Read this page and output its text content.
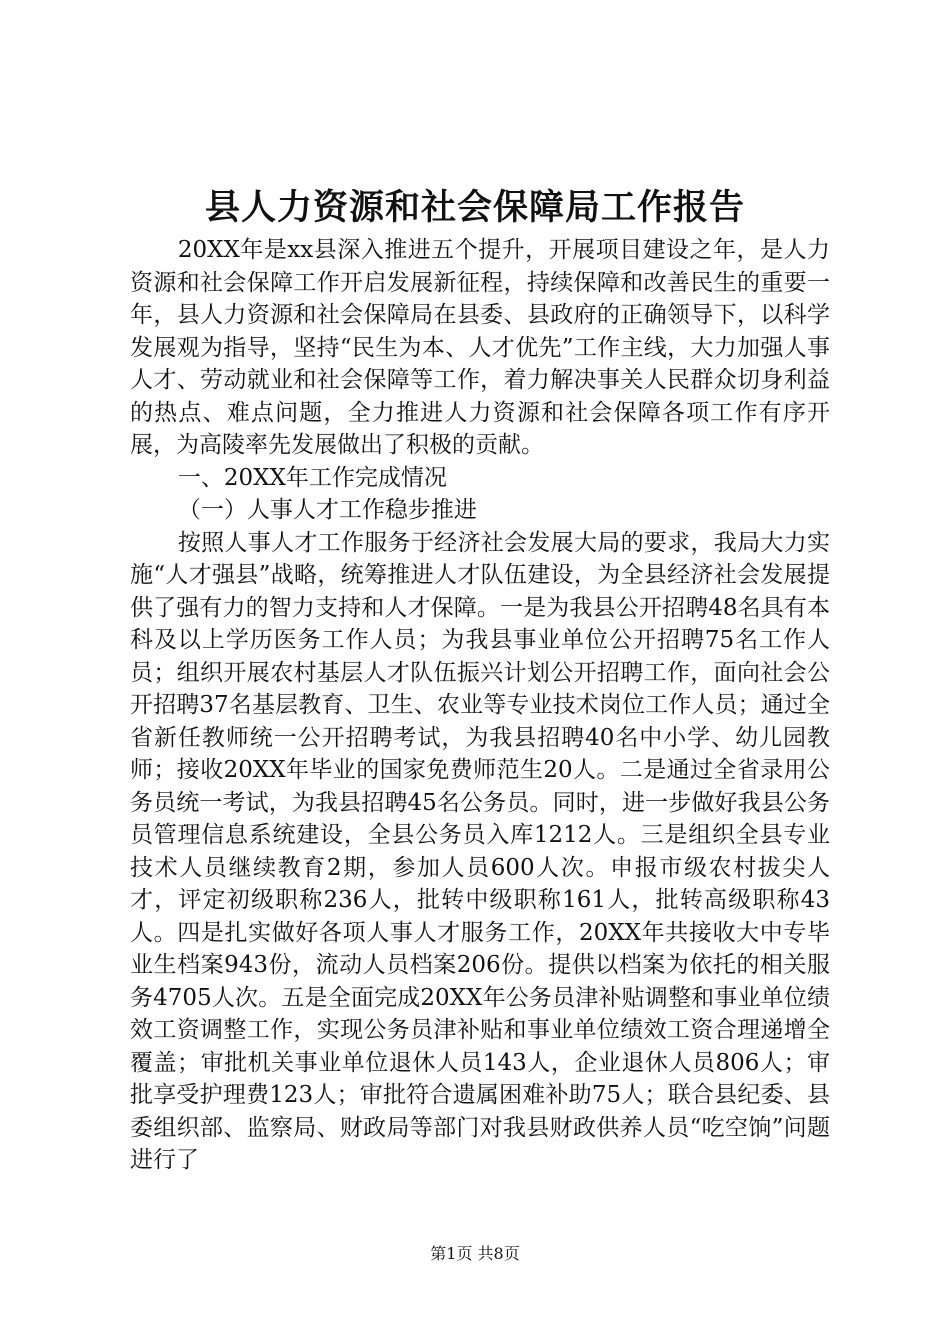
县人力资源和社会保障局工作报告

20XX年是xx县深入推进五个提升，开展项目建设之年，是人力资源和社会保障工作开启发展新征程，持续保障和改善民生的重要一年，县人力资源和社会保障局在县委、县政府的正确领导下，以科学发展观为指导，坚持“民生为本、人才优先”工作主线，大力加强人事人才、劳动就业和社会保障等工作，着力解决事关人民群众切身利益的热点、难点问题，全力推进人力资源和社会保障各项工作有序开展，为高陵率先发展做出了积极的贡献。

一、20XX年工作完成情况

（一）人事人才工作稳步推进

按照人事人才工作服务于经济社会发展大局的要求，我局大力实施“人才强县”战略，统筹推进人才队伍建设，为全县经济社会发展提供了强有力的智力支持和人才保障。一是为我县公开招聘48名具有本科及以上学历医务工作人员；为我县事业单位公开招聘75名工作人员；组织开展农村基层人才队伍振兴计划公开招聘工作，面向社会公开招聘37名基层教育、卫生、农业等专业技术岗位工作人员；通过全省新任教师统一公开招聘考试，为我县招聘40名中小学、幼儿园教师；接收20XX年毕业的国家免费师范生20人。二是通过全省录用公务员统一考试，为我县招聘45名公务员。同时，进一步做好我县公务员管理信息系统建设，全县公务员入库1212人。三是组织全县专业技术人员继续教育2期，参加人员600人次。申报市级农村拔尖人才，评定初级职称236人，批转中级职称161人，批转高级职称43人。四是扎实做好各项人事人才服务工作，20XX年共接收大中专毕业生档案943份，流动人员档案206份。提供以档案为依托的相关服务4705人次。五是全面完成20XX年公务员津补贴调整和事业单位绩效工资调整工作，实现公务员津补贴和事业单位绩效工资合理递增全覆盖；审批机关事业单位退休人员143人，企业退休人员806人；审批享受护理费123人；审批符合遗属困难补助75人；联合县纪委、县委组织部、监察局、财政局等部门对我县财政供养人员“吃空饷”问题进行了

第1页 共8页
